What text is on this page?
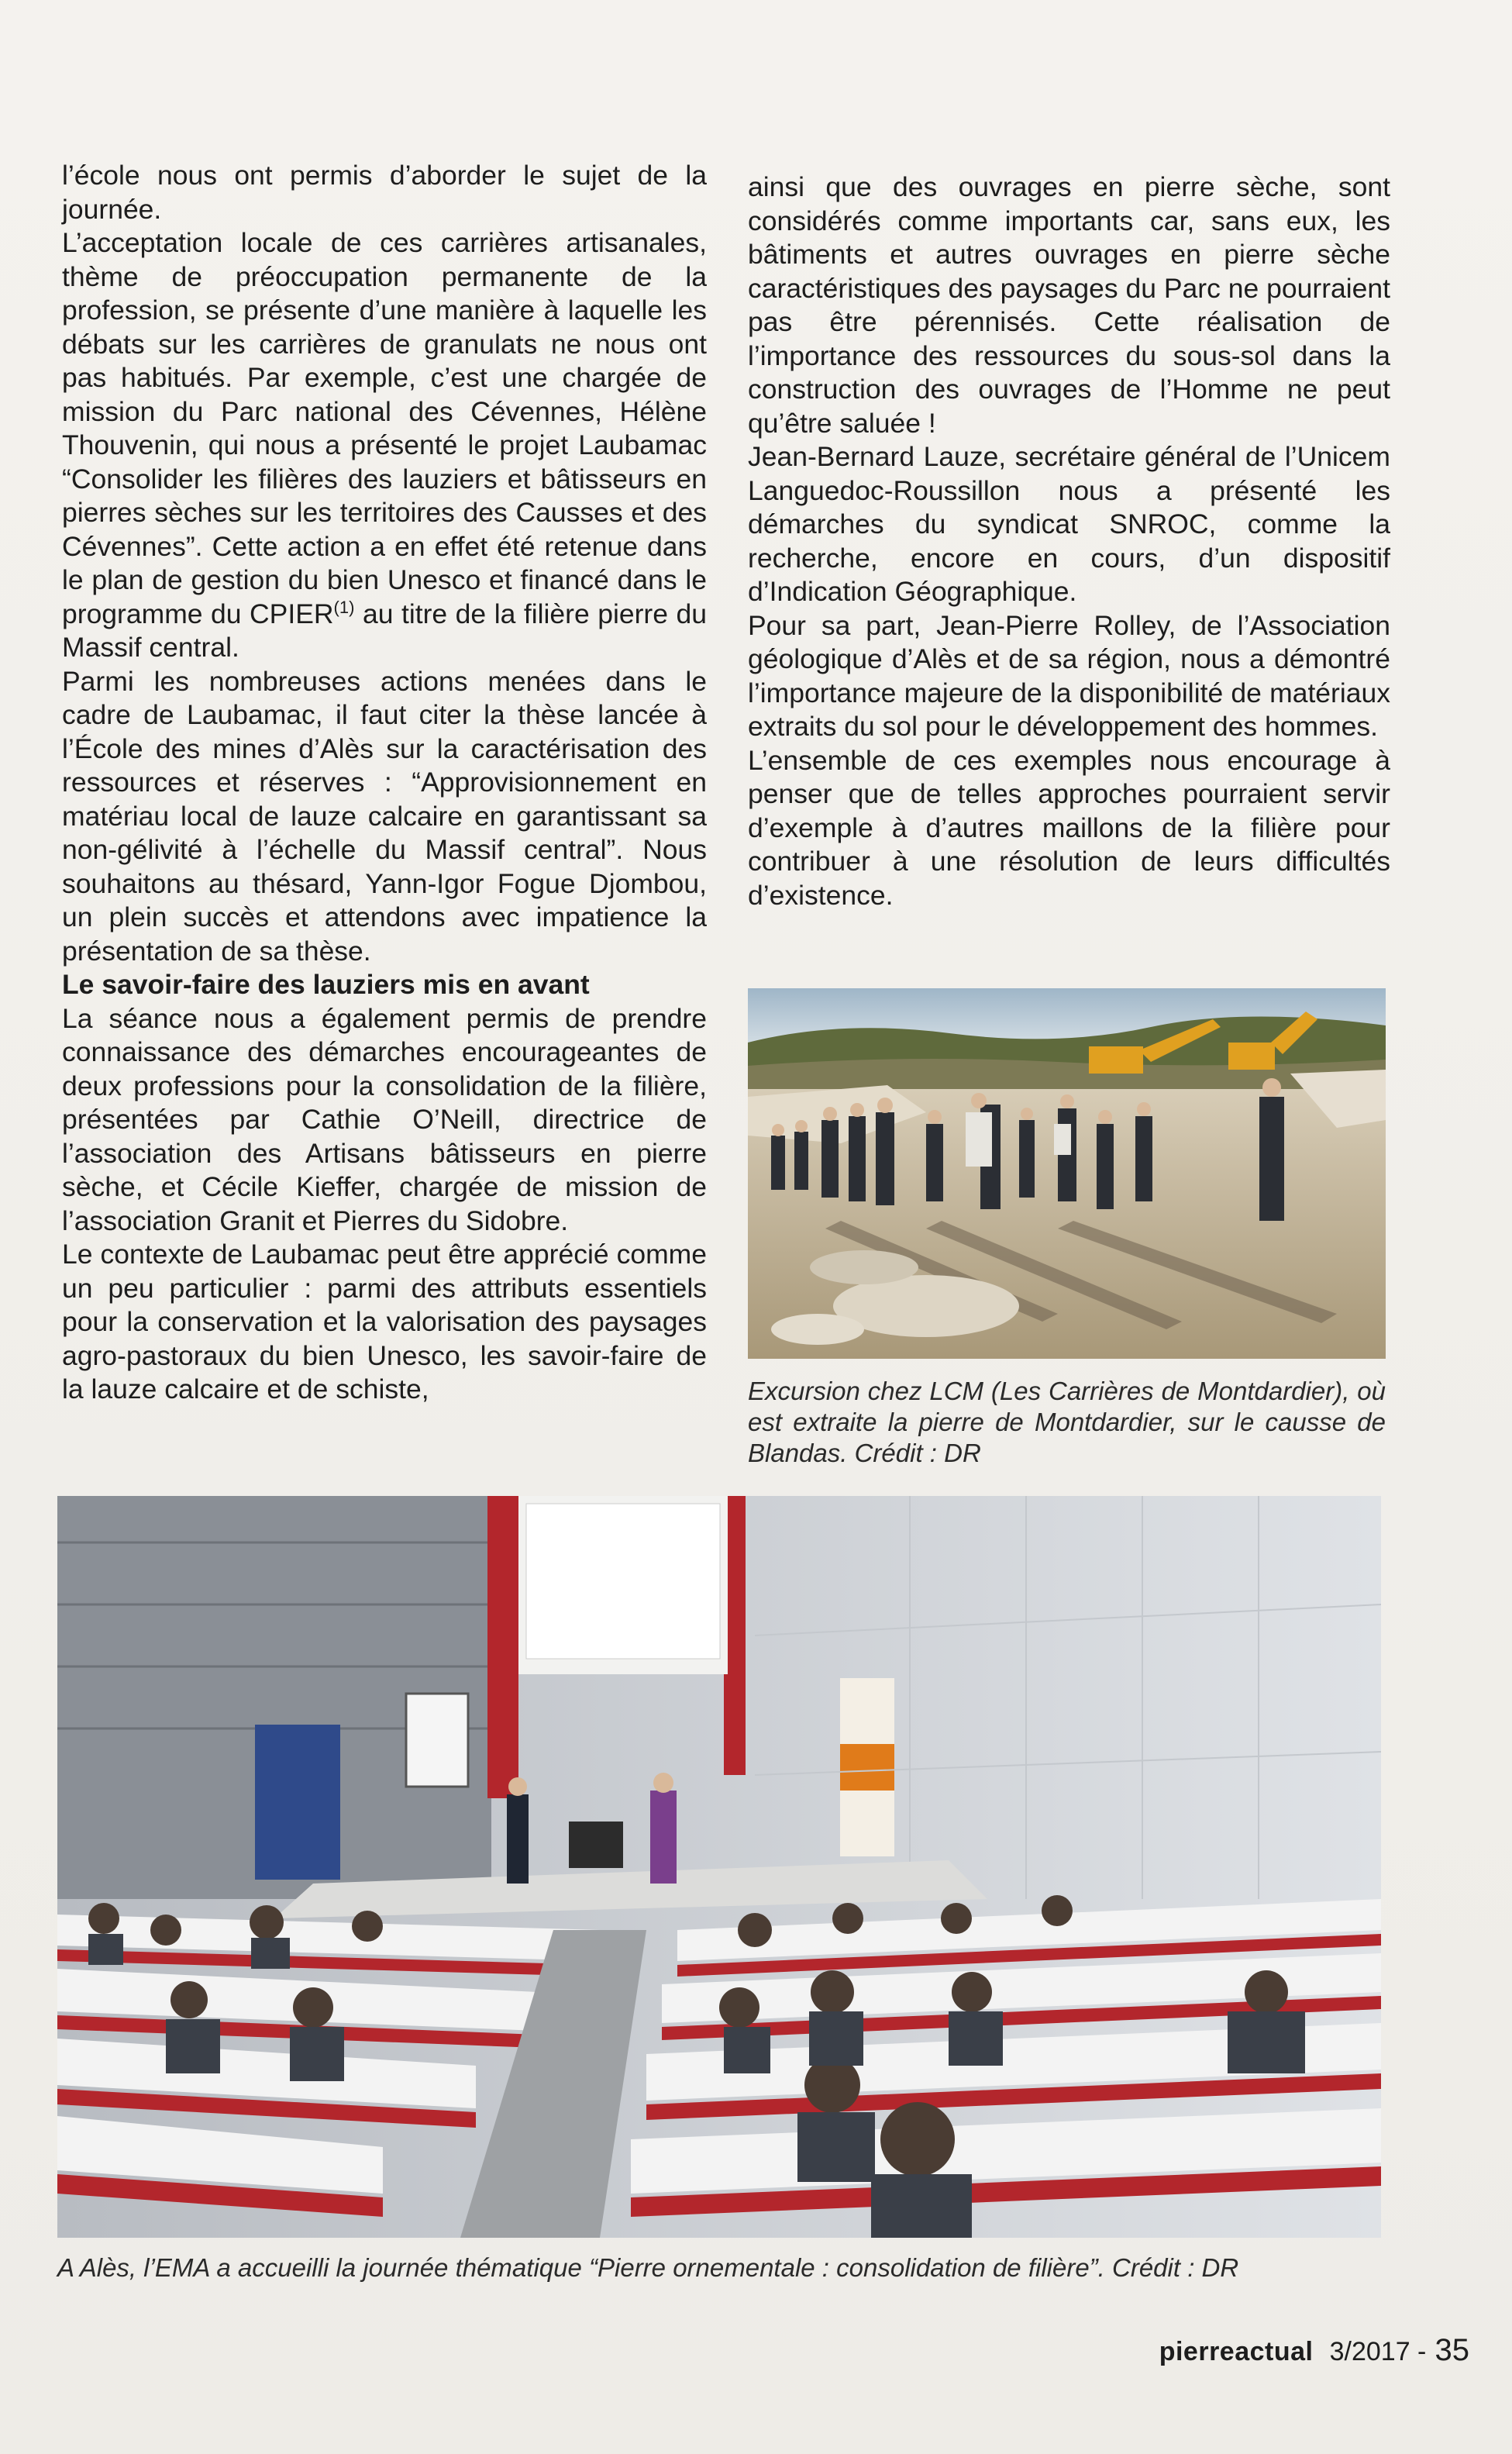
l’école nous ont permis d’aborder le sujet de la journée.

L’acceptation locale de ces carrières artisanales, thème de préoccupation permanente de la profession, se présente d’une manière à laquelle les débats sur les carrières de granulats ne nous ont pas habitués. Par exemple, c’est une chargée de mission du Parc national des Cévennes, Hélène Thouvenin, qui nous a présenté le projet Laubamac “Consolider les filières des lauziers et bâtisseurs en pierres sèches sur les territoires des Causses et des Cévennes”. Cette action a en effet été retenue dans le plan de gestion du bien Unesco et financé dans le programme du CPIER$^{(1)}$ au titre de la filière pierre du Massif central.

Parmi les nombreuses actions menées dans le cadre de Laubamac, il faut citer la thèse lancée à l’École des mines d’Alès sur la caractérisation des ressources et réserves : “Approvisionnement en matériau local de lauze calcaire en garantissant sa non-gélivité à l’échelle du Massif central”. Nous souhaitons au thésard, Yann-Igor Fogue Djombou, un plein succès et attendons avec impatience la présentation de sa thèse.

Le savoir-faire des lauziers mis en avant

La séance nous a également permis de prendre connaissance des démarches encourageantes de deux professions pour la consolidation de la filière, présentées par Cathie O’Neill, directrice de l’association des Artisans bâtisseurs en pierre sèche, et Cécile Kieffer, chargée de mission de l’association Granit et Pierres du Sidobre.

Le contexte de Laubamac peut être apprécié comme un peu particulier : parmi des attributs essentiels pour la conservation et la valorisation des paysages agro-pastoraux du bien Unesco, les savoir-faire de la lauze calcaire et de schiste,

ainsi que des ouvrages en pierre sèche, sont considérés comme importants car, sans eux, les bâtiments et autres ouvrages en pierre sèche caractéristiques des paysages du Parc ne pourraient pas être pérennisés. Cette réalisation de l’importance des ressources du sous-sol dans la construction des ouvrages de l’Homme ne peut qu’être saluée !

Jean-Bernard Lauze, secrétaire général de l’Unicem Languedoc-Roussillon nous a présenté les démarches du syndicat SNROC, comme la recherche, encore en cours, d’un dispositif d’Indication Géographique.

Pour sa part, Jean-Pierre Rolley, de l’Association géologique d’Alès et de sa région, nous a démontré l’importance majeure de la disponibilité de matériaux extraits du sol pour le développement des hommes.

L’ensemble de ces exemples nous encourage à penser que de telles approches pourraient servir d’exemple à d’autres maillons de la filière pour contribuer à une résolution de leurs difficultés d’existence.

Excursion chez LCM (Les Carrières de Montdardier), où est extraite la pierre de Montdardier, sur le causse de Blandas. Crédit : DR
A Alès, l’EMA a accueilli la journée thématique “Pierre ornementale : consolidation de filière”. Crédit : DR
pierreactual 3/2017 - 35
